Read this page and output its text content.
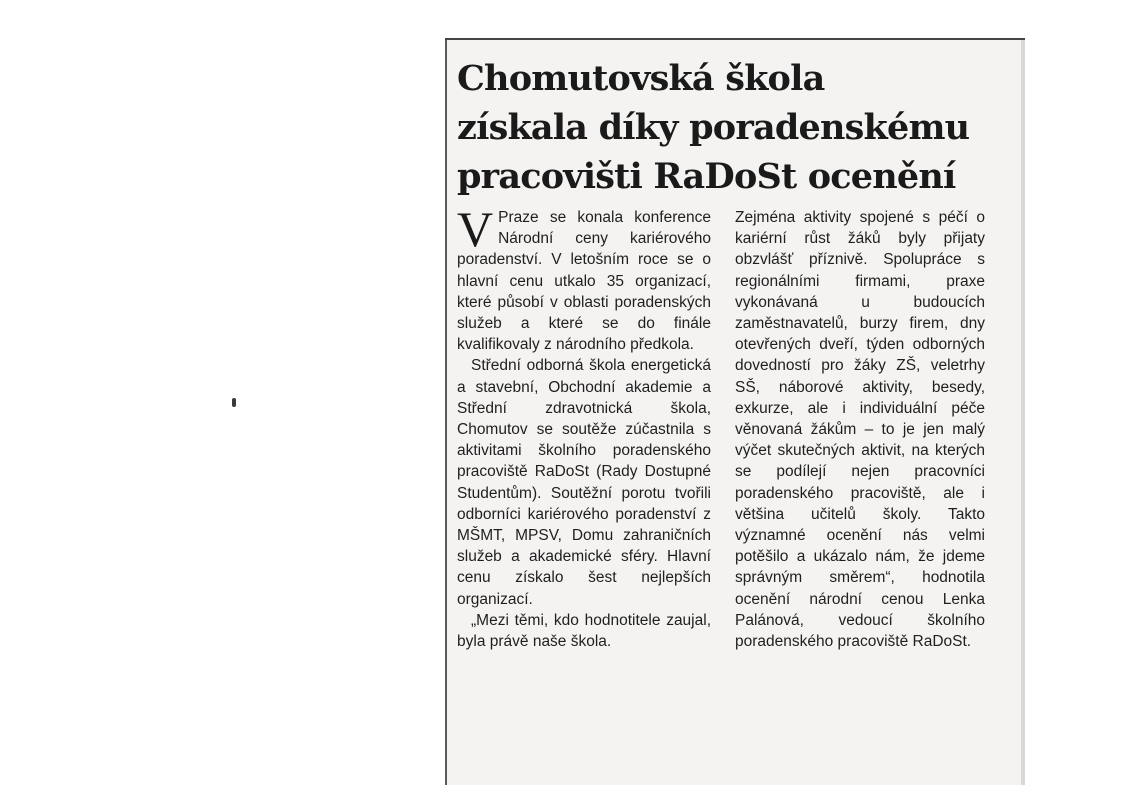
Chomutovská škola
získala díky poradenskému
pracovišti RaDoSt ocenění

V Praze se konala konference Národní ceny kariérového poradenství. V letošním roce se o hlavní cenu utkalo 35 organizací, které působí v oblasti poradenských služeb a které se do finále kvalifikovaly z národního předkola.

Střední odborná škola energetická a stavební, Obchodní akademie a Střední zdravotnická škola, Chomutov se soutěže zúčastnila s aktivitami školního poradenského pracoviště RaDoSt (Rady Dostupné Studentům). Soutěžní porotu tvořili odborníci kariérového poradenství z MŠMT, MPSV, Domu zahraničních služeb a akademické sféry. Hlavní cenu získalo šest nejlepších organizací.

„Mezi těmi, kdo hodnotitele zaujal, byla právě naše škola.

Zejména aktivity spojené s péčí o kariérní růst žáků byly přijaty obzvlášť příznivě. Spolupráce s regionálními firmami, praxe vykonávaná u budoucích zaměstnavatelů, burzy firem, dny otevřených dveří, týden odborných dovedností pro žáky ZŠ, veletrhy SŠ, náborové aktivity, besedy, exkurze, ale i individuální péče věnovaná žákům – to je jen malý výčet skutečných aktivit, na kterých se podílejí nejen pracovníci poradenského pracoviště, ale i většina učitelů školy. Takto významné ocenění nás velmi potěšilo a ukázalo nám, že jdeme správným směrem“, hodnotila ocenění národní cenou Lenka Palánová, vedoucí školního poradenského pracoviště RaDoSt.
